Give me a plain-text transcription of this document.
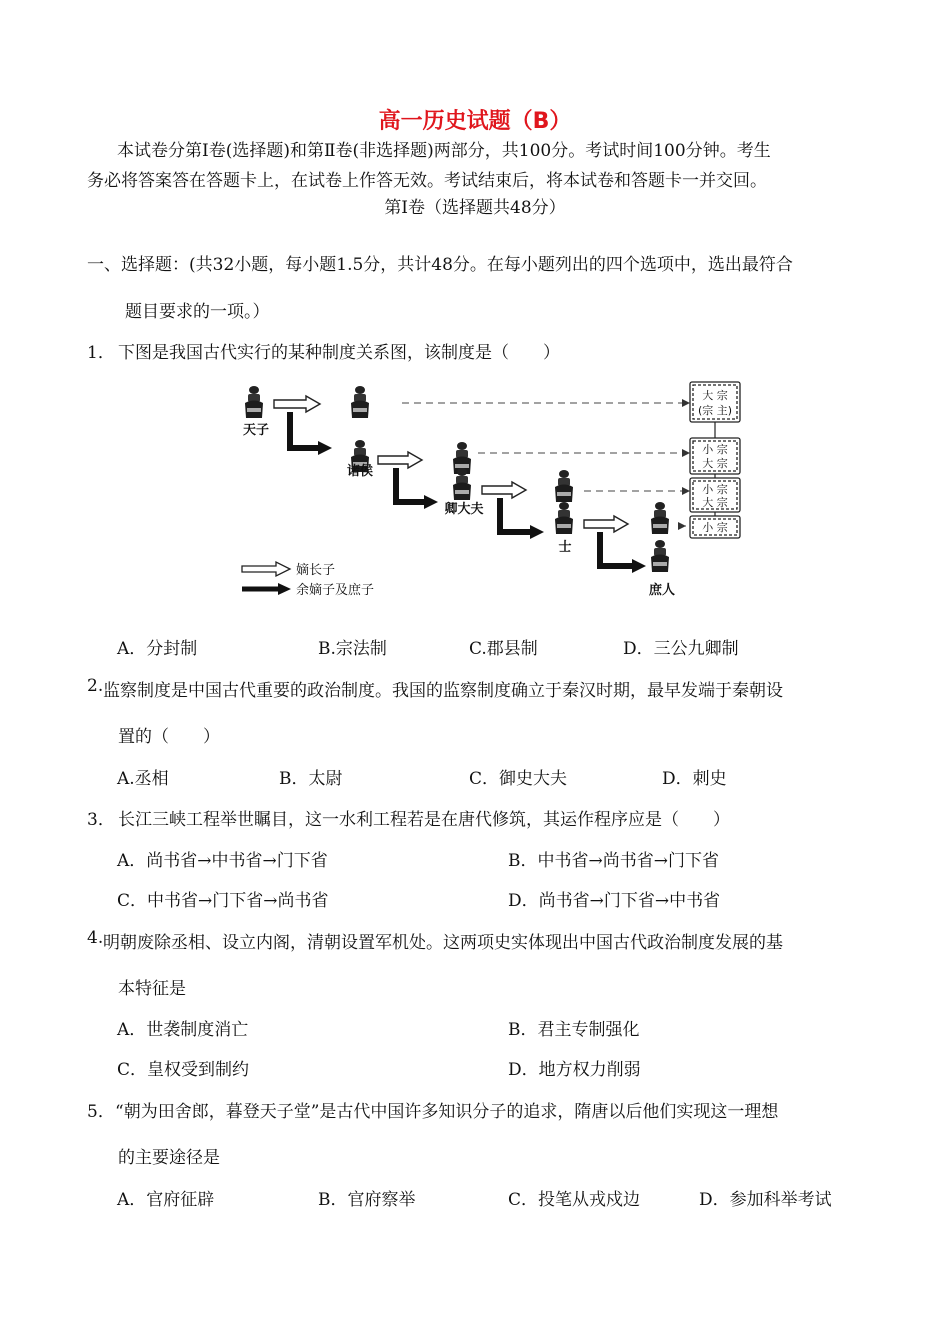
高一历史试题（B）
本试卷分第Ⅰ卷(选择题)和第Ⅱ卷(非选择题)两部分，共100分。考试时间100分钟。考生
务必将答案答在答题卡上，在试卷上作答无效。考试结束后，将本试卷和答题卡一并交回。
第Ⅰ卷（选择题共48分）
一、选择题：(共32小题，每小题1.5分，共计48分。在每小题列出的四个选项中，选出最符合
题目要求的一项。）
1． 下图是我国古代实行的某种制度关系图，该制度是（　　）
大 宗
(宗 主)
小 宗
大 宗
小 宗
大 宗
小 宗
天子
诸侯
卿大夫
士
庶人
嫡长子
余嫡子及庶子
A．分封制	B.宗法制	C.郡县制	D．三公九卿制
2. 监察制度是中国古代重要的政治制度。我国的监察制度确立于秦汉时期，最早发端于秦朝设
置的（　　）
A.丞相	B．太尉	C．御史大夫	D．刺史
3． 长江三峡工程举世瞩目，这一水利工程若是在唐代修筑，其运作程序应是（　　）
A．尚书省→中书省→门下省	B．中书省→尚书省→门下省
C．中书省→门下省→尚书省	D．尚书省→门下省→中书省
4. 明朝废除丞相、设立内阁，清朝设置军机处。这两项史实体现出中国古代政治制度发展的基
本特征是
A．世袭制度消亡	B．君主专制强化
C．皇权受到制约	D．地方权力削弱
5． “朝为田舍郎，暮登天子堂”是古代中国许多知识分子的追求，隋唐以后他们实现这一理想
的主要途径是
A．官府征辟	B．官府察举	C．投笔从戎戍边	D．参加科举考试
